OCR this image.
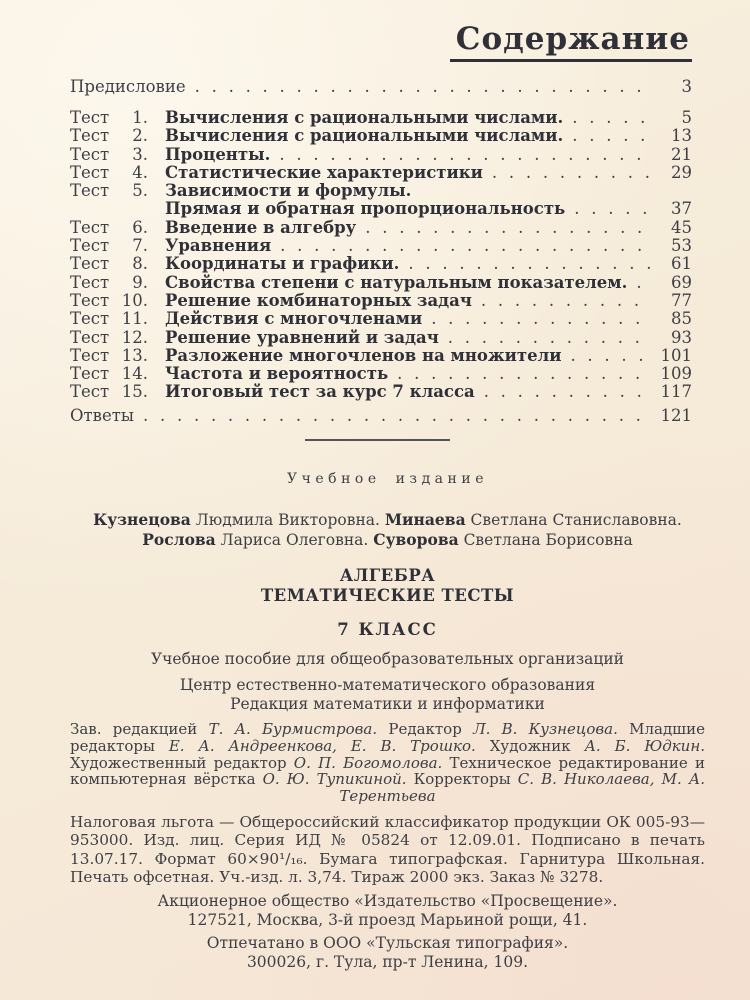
Содержание
Предисловие . . .	3
Тест 1. Вычисления с рациональными числами. . . .	5
Тест 2. Вычисления с рациональными числами. . . .	13
Тест 3. Проценты. . . .	21
Тест 4. Статистические характеристики . . .	29
Тест 5. Зависимости и формулы.
Прямая и обратная пропорциональность . . .	37
Тест 6. Введение в алгебру . . .	45
Тест 7. Уравнения . . .	53
Тест 8. Координаты и графики. . . .	61
Тест 9. Свойства степени с натуральным показателем. . . .	69
Тест 10. Решение комбинаторных задач . . .	77
Тест 11. Действия с многочленами . . .	85
Тест 12. Решение уравнений и задач . . .	93
Тест 13. Разложение многочленов на множители . . .	101
Тест 14. Частота и вероятность . . .	109
Тест 15. Итоговый тест за курс 7 класса . . .	117
Ответы . . .	121
Учебное издание
Кузнецова Людмила Викторовна. Минаева Светлана Станиславовна.
Рослова Лариса Олеговна. Суворова Светлана Борисовна
АЛГЕБРА
ТЕМАТИЧЕСКИЕ ТЕСТЫ
7 КЛАСС
Учебное пособие для общеобразовательных организаций
Центр естественно-математического образования
Редакция математики и информатики

Зав. редакцией Т. А. Бурмистрова. Редактор Л. В. Кузнецова. Младшие редакторы Е. А. Андреенкова, Е. В. Трошко. Художник А. Б. Юдкин. Художественный редактор О. П. Богомолова. Техническое редактирование и компьютерная вёрстка О. Ю. Тупикиной. Корректоры С. В. Николаева, М. А. Терентьева

Налоговая льгота — Общероссийский классификатор продукции ОК 005-93—953000. Изд. лиц. Серия ИД № 05824 от 12.09.01. Подписано в печать 13.07.17. Формат 60×90¹/₁₆. Бумага типографская. Гарнитура Школьная. Печать офсетная. Уч.-изд. л. 3,74. Тираж 2000 экз. Заказ № 3278.

Акционерное общество «Издательство «Просвещение».
127521, Москва, 3-й проезд Марьиной рощи, 41.
Отпечатано в ООО «Тульская типография».
300026, г. Тула, пр-т Ленина, 109.
